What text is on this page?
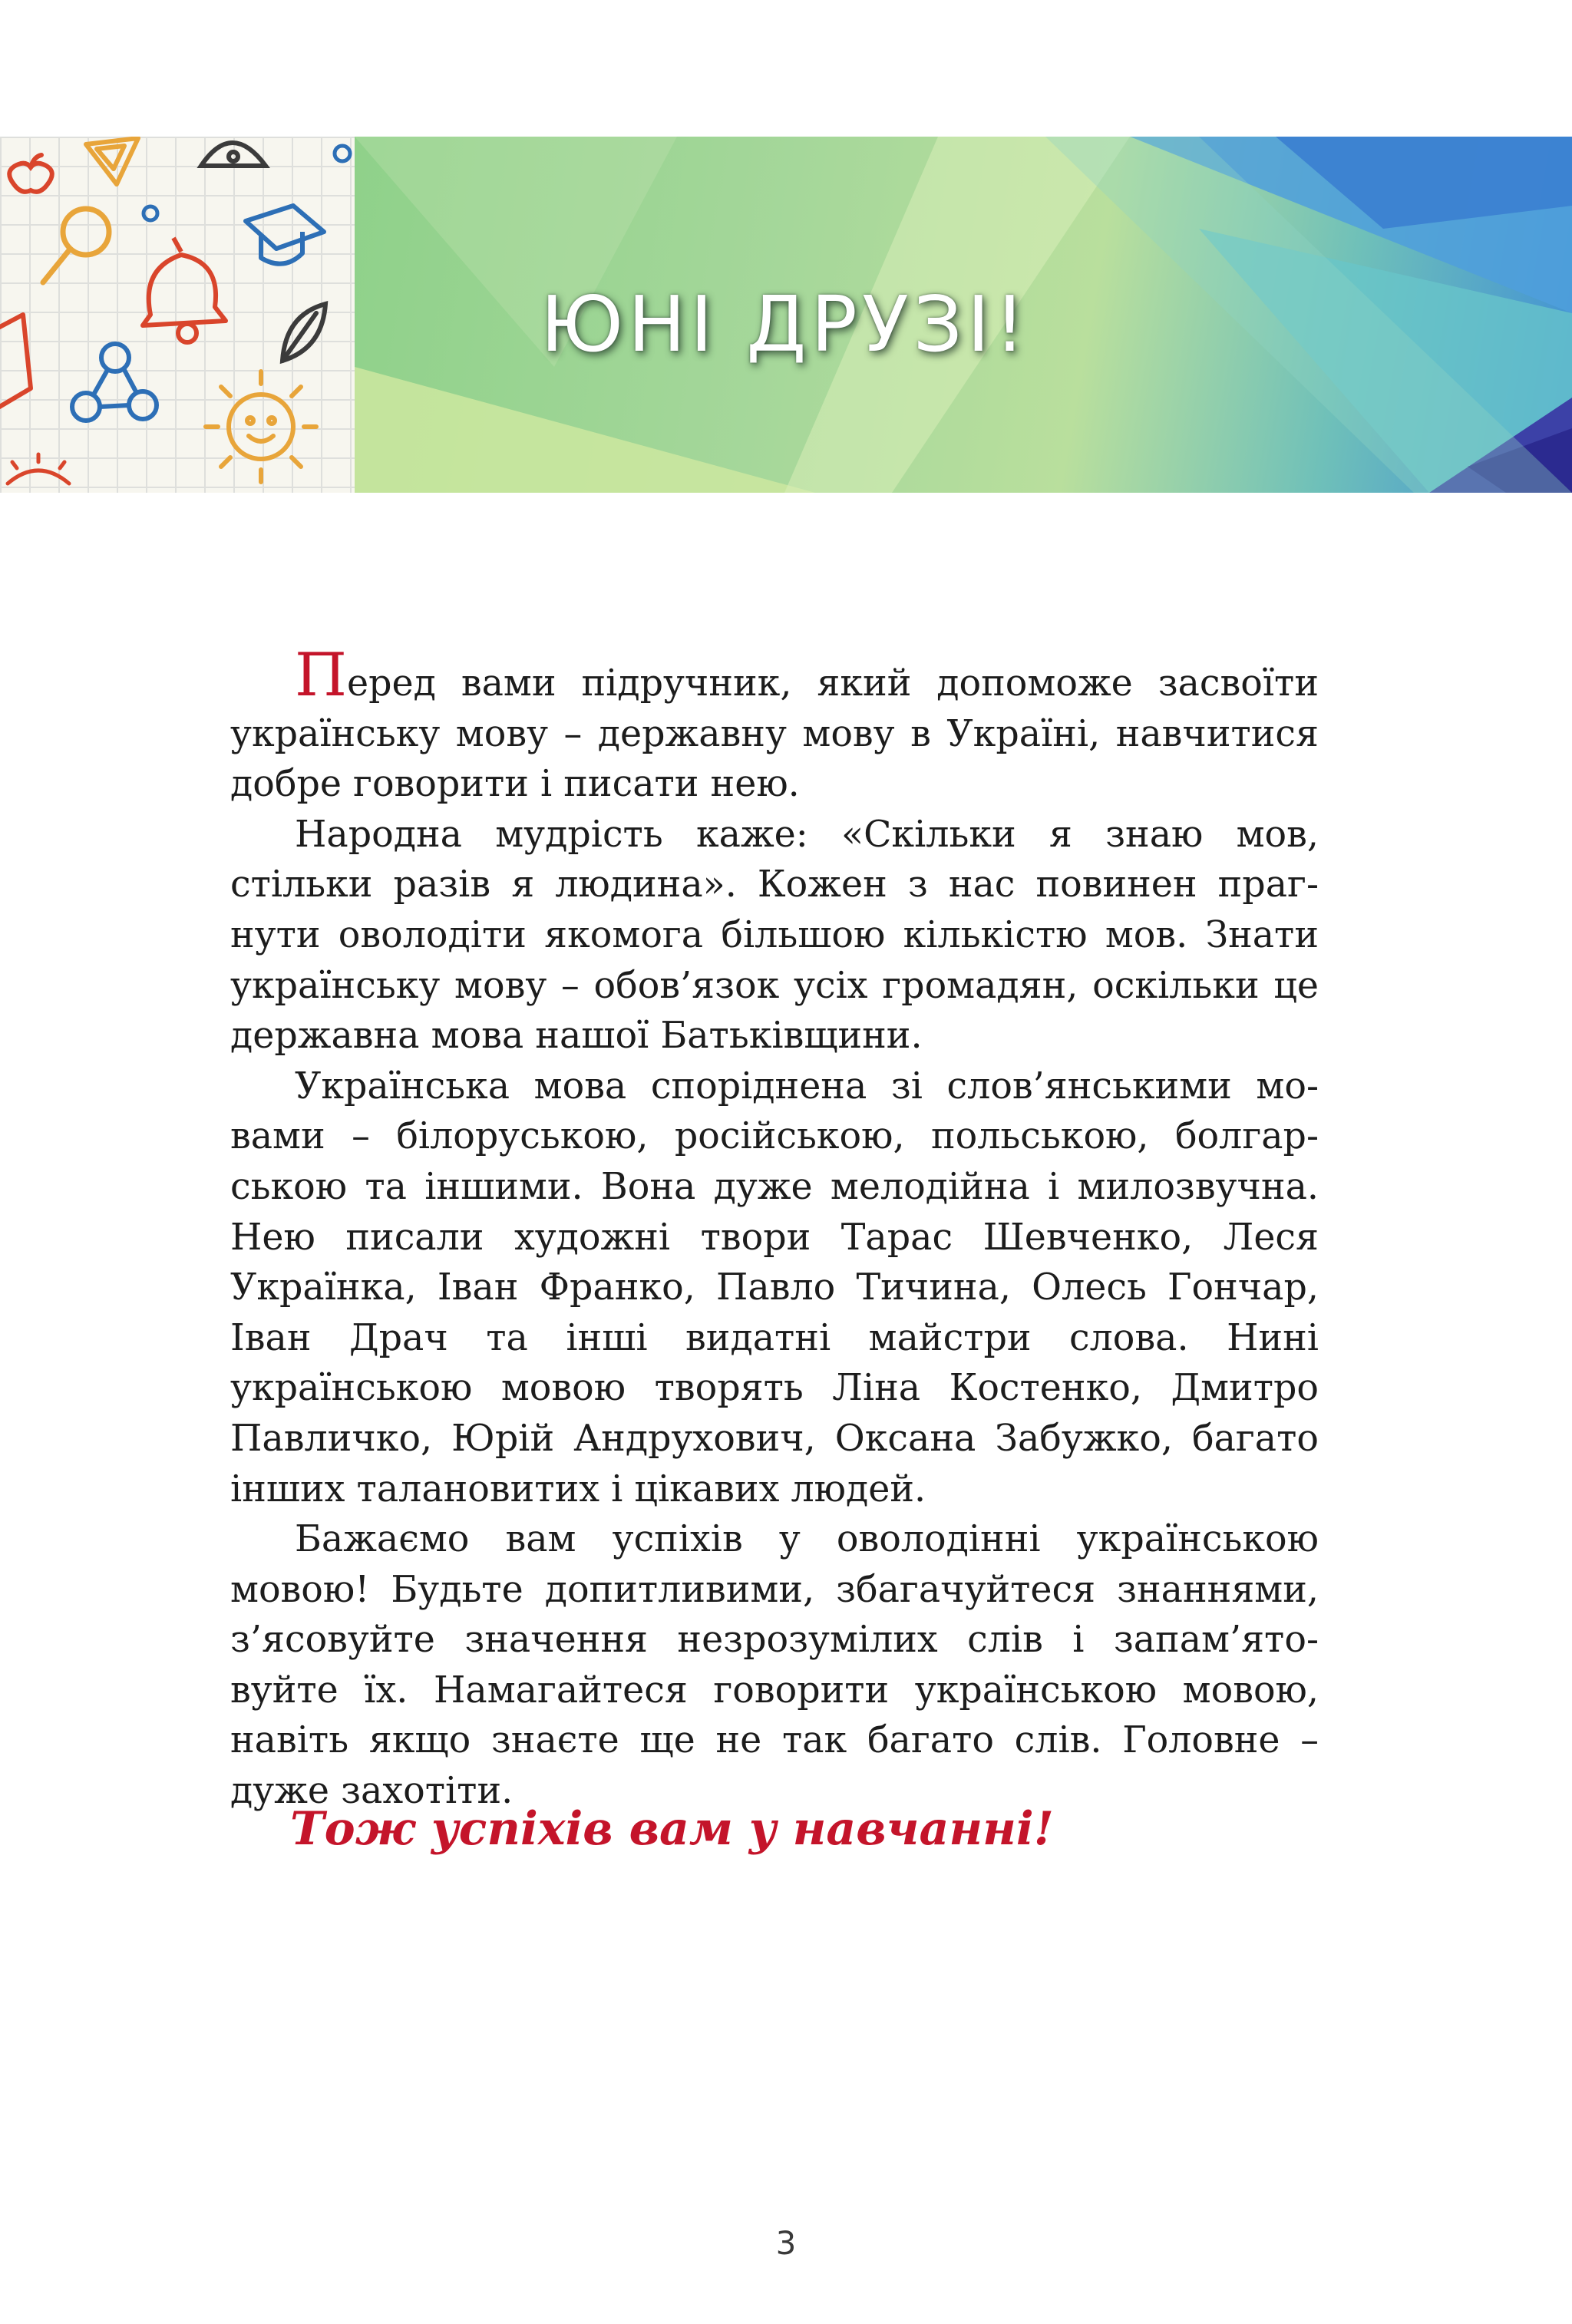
ЮНІ ДРУЗІ!

Перед вами підручник, який допоможе засвоїти українську мову – державну мову в Україні, навчитися добре говорити і писати нею.

Народна мудрість каже: «Скільки я знаю мов, стільки разів я людина». Кожен з нас повинен прагнути оволодіти якомога більшою кількістю мов. Знати українську мову – обов’язок усіх громадян, оскільки це державна мова нашої Батьківщини.

Українська мова споріднена зі слов’янськими мовами – білоруською, російською, польською, болгарською та іншими. Вона дуже мелодійна і милозвучна. Нею писали художні твори Тарас Шевченко, Леся Українка, Іван Франко, Павло Тичина, Олесь Гончар, Іван Драч та інші видатні майстри слова. Нині українською мовою творять Ліна Костенко, Дмитро Павличко, Юрій Андрухович, Оксана Забужко, багато інших талановитих і цікавих людей.

Бажаємо вам успіхів у оволодінні українською мовою! Будьте допитливими, збагачуйтеся знаннями, з’ясовуйте значення незрозумілих слів і запам’ятовуйте їх. Намагайтеся говорити українською мовою, навіть якщо знаєте ще не так багато слів. Головне – дуже захотіти.

Тож успіхів вам у навчанні!

3
